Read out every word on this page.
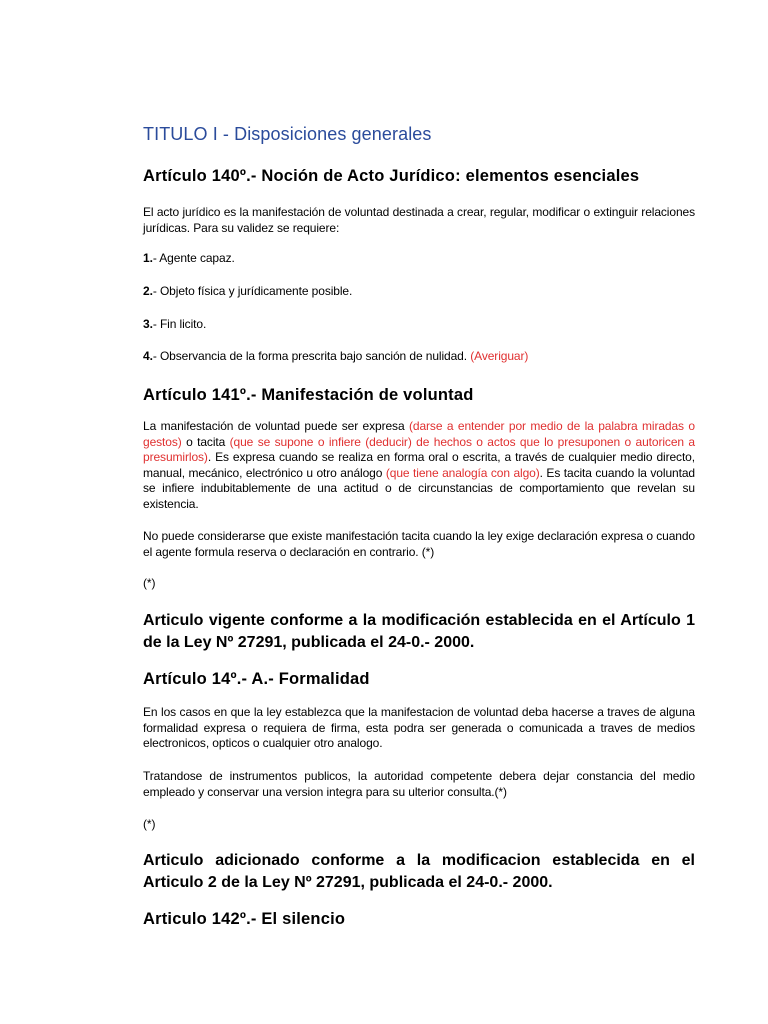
TITULO I - Disposiciones generales
Artículo 140º.- Noción de Acto Jurídico: elementos esenciales
El acto jurídico es la manifestación de voluntad destinada a crear, regular, modificar o extinguir relaciones jurídicas. Para su validez se requiere:
1.- Agente capaz.
2.- Objeto física y jurídicamente posible.
3.- Fin licito.
4.- Observancia de la forma prescrita bajo sanción de nulidad. (Averiguar)
Artículo 141º.- Manifestación de voluntad
La manifestación de voluntad puede ser expresa (darse a entender por medio de la palabra miradas o gestos) o tacita (que se supone o infiere (deducir) de hechos o actos que lo presuponen o autoricen a presumirlos). Es expresa cuando se realiza en forma oral o escrita, a través de cualquier medio directo, manual, mecánico, electrónico u otro análogo (que tiene analogía con algo). Es tacita cuando la voluntad se infiere indubitablemente de una actitud o de circunstancias de comportamiento que revelan su existencia.
No puede considerarse que existe manifestación tacita cuando la ley exige declaración expresa o cuando el agente formula reserva o declaración en contrario. (*)
(*)
Articulo vigente conforme a la modificación establecida en el Artículo 1 de la Ley Nº 27291, publicada el 24-0.- 2000.
Artículo 14º.- A.- Formalidad
En los casos en que la ley establezca que la manifestacion de voluntad deba hacerse a traves de alguna formalidad expresa o requiera de firma, esta podra ser generada o comunicada a traves de medios electronicos, opticos o cualquier otro analogo.
Tratandose de instrumentos publicos, la autoridad competente debera dejar constancia del medio empleado y conservar una version integra para su ulterior consulta.(*)
(*)
Articulo adicionado conforme a la modificacion establecida en el Articulo 2 de la Ley Nº 27291, publicada el 24-0.- 2000.
Articulo 142º.- El silencio
